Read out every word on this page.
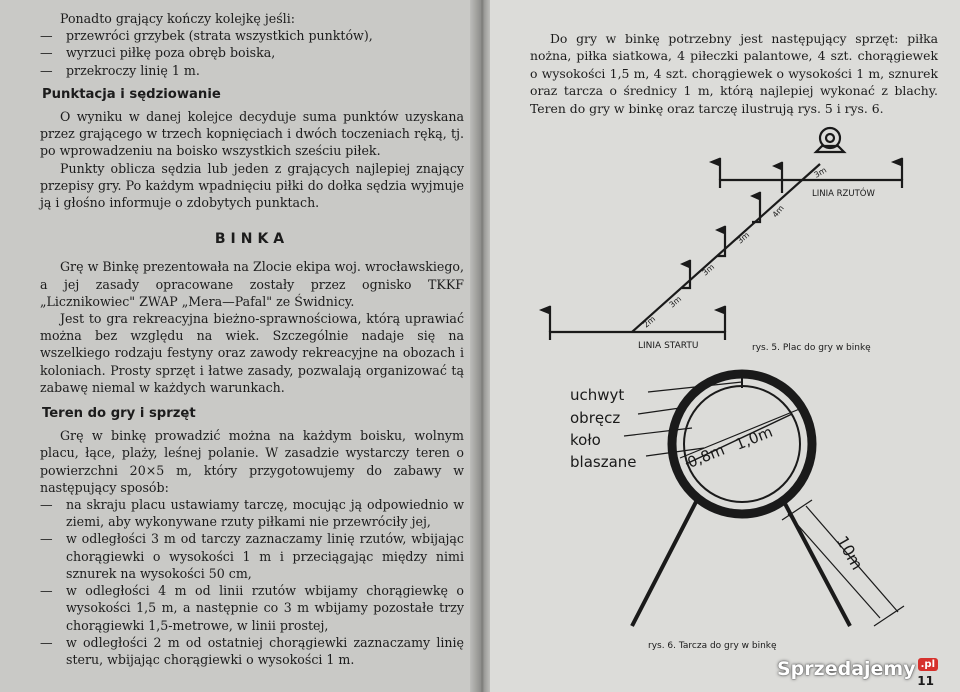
Ponadto grający kończy kolejkę jeśli:

—	przewróci grzybek (strata wszystkich punktów),
—	wyrzuci piłkę poza obręb boiska,
—	przekroczy linię 1 m.
Punktacja i sędziowanie

O wyniku w danej kolejce decyduje suma punktów uzyskana przez grającego w trzech kopnięciach i dwóch toczeniach ręką, tj. po wprowadzeniu na boisko wszystkich sześciu piłek.

Punkty oblicza sędzia lub jeden z grających najlepiej znający przepisy gry. Po każdym wpadnięciu piłki do dołka sędzia wyjmuje ją i głośno informuje o zdobytych punktach.

BINKA

Grę w Binkę prezentowała na Zlocie ekipa woj. wrocławskiego, a jej zasady opracowane zostały przez ognisko TKKF „Licznikowiec" ZWAP „Mera—Pafal" ze Świdnicy.

Jest to gra rekreacyjna bieżno-sprawnościowa, którą uprawiać można bez względu na wiek. Szczególnie nadaje się na wszelkiego rodzaju festyny oraz zawody rekreacyjne na obozach i koloniach. Prosty sprzęt i łatwe zasady, pozwalają organizować tą zabawę niemal w każdych warunkach.

Teren do gry i sprzęt

Grę w binkę prowadzić można na każdym boisku, wolnym placu, łące, plaży, leśnej polanie. W zasadzie wystarczy teren o powierzchni 20×5 m, który przygotowujemy do zabawy w następujący sposób:

—	na skraju placu ustawiamy tarczę, mocując ją odpowiednio w ziemi, aby wykonywane rzuty piłkami nie przewróciły jej,
—	w odległości 3 m od tarczy zaznaczamy linię rzutów, wbijając chorągiewki o wysokości 1 m i przeciągając między nimi sznurek na wysokości 50 cm,
—	w odległości 4 m od linii rzutów wbijamy chorągiewkę o wysokości 1,5 m, a następnie co 3 m wbijamy pozostałe trzy chorągiewki 1,5-metrowe, w linii prostej,
—	w odległości 2 m od ostatniej chorągiewki zaznaczamy linię steru, wbijając chorągiewki o wysokości 1 m.

Do gry w binkę potrzebny jest następujący sprzęt: piłka nożna, piłka siatkowa, 4 piłeczki palantowe, 4 szt. chorągiewek o wysokości 1,5 m, 4 szt. chorągiewek o wysokości 1 m, sznurek oraz tarcza o średnicy 1 m, którą najlepiej wykonać z blachy. Teren do gry w binkę oraz tarczę ilustrują rys. 5 i rys. 6.

2m
3m
3m
3m
4m
3m
LINIA RZUTÓW
LINIA STARTU	rys. 5. Plac do gry w binkę
uchwyt
obręcz
koło
blaszane	0,8m
1,0m
10m
rys. 6. Tarcza do gry w binkę
Sprzedajemy .pl
11
